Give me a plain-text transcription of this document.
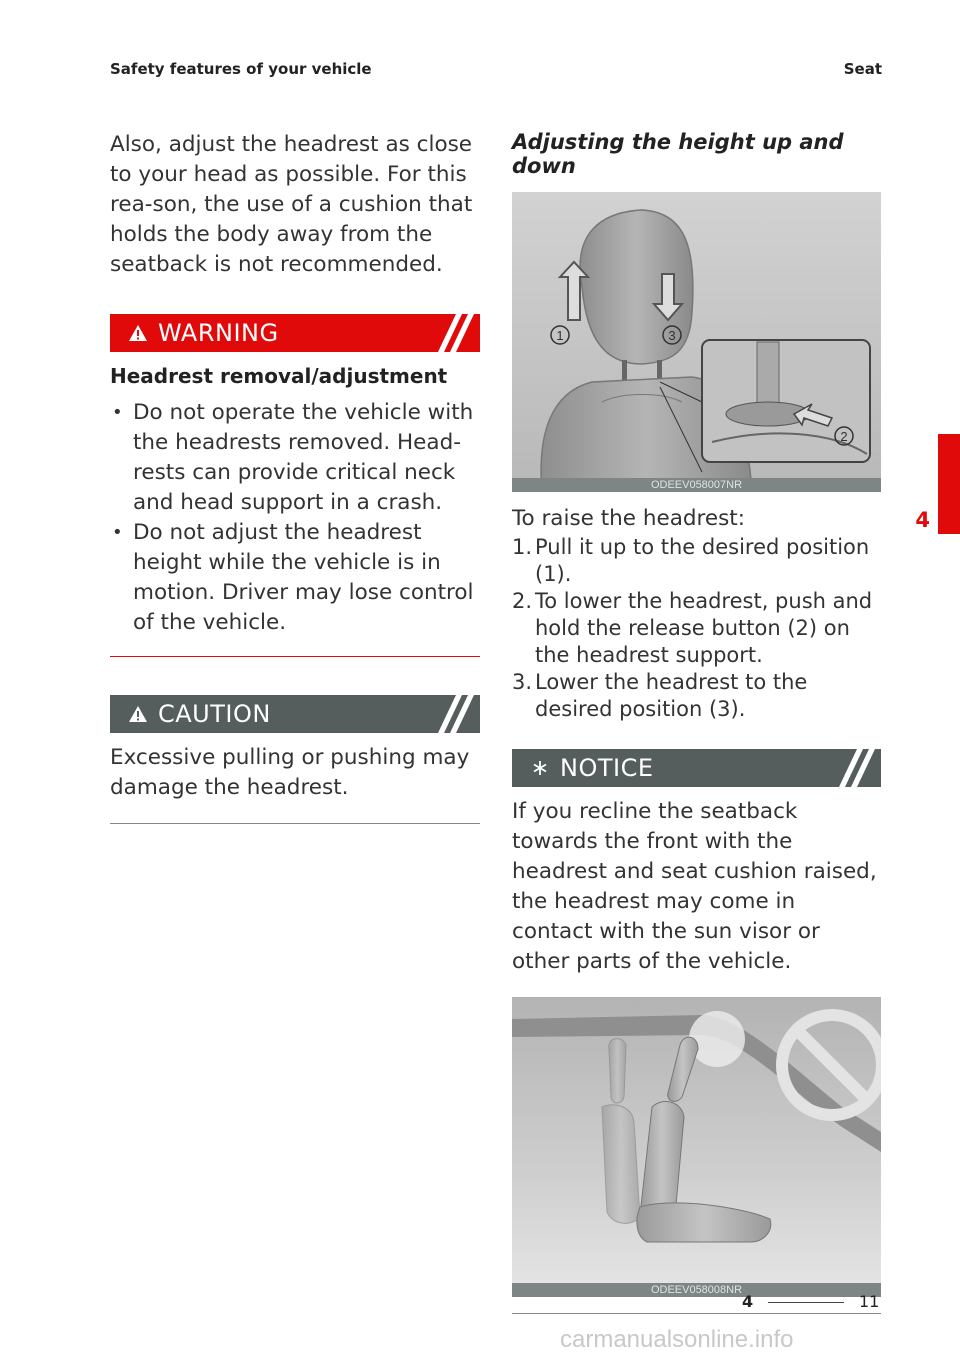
Safety features of your vehicle	Seat

Also, adjust the headrest as close to your head as possible. For this rea-son, the use of a cushion that holds the body away from the seatback is not recommended.

WARNING
Headrest removal/adjustment
• Do not operate the vehicle with the headrests removed. Head-rests can provide critical neck and head support in a crash.
• Do not adjust the headrest height while the vehicle is in motion. Driver may lose control of the vehicle.
CAUTION

Excessive pulling or pushing may damage the headrest.

Adjusting the height up and down

1	3
2
ODEEV058007NR

To raise the headrest:

1. Pull it up to the desired position (1).
2. To lower the headrest, push and hold the release button (2) on the headrest support.
3. Lower the headrest to the desired position (3).
NOTICE

If you recline the seatback towards the front with the headrest and seat cushion raised, the headrest may come in contact with the sun visor or other parts of the vehicle.

ODEEV058008NR
4
4	11
carmanualsonline.info
